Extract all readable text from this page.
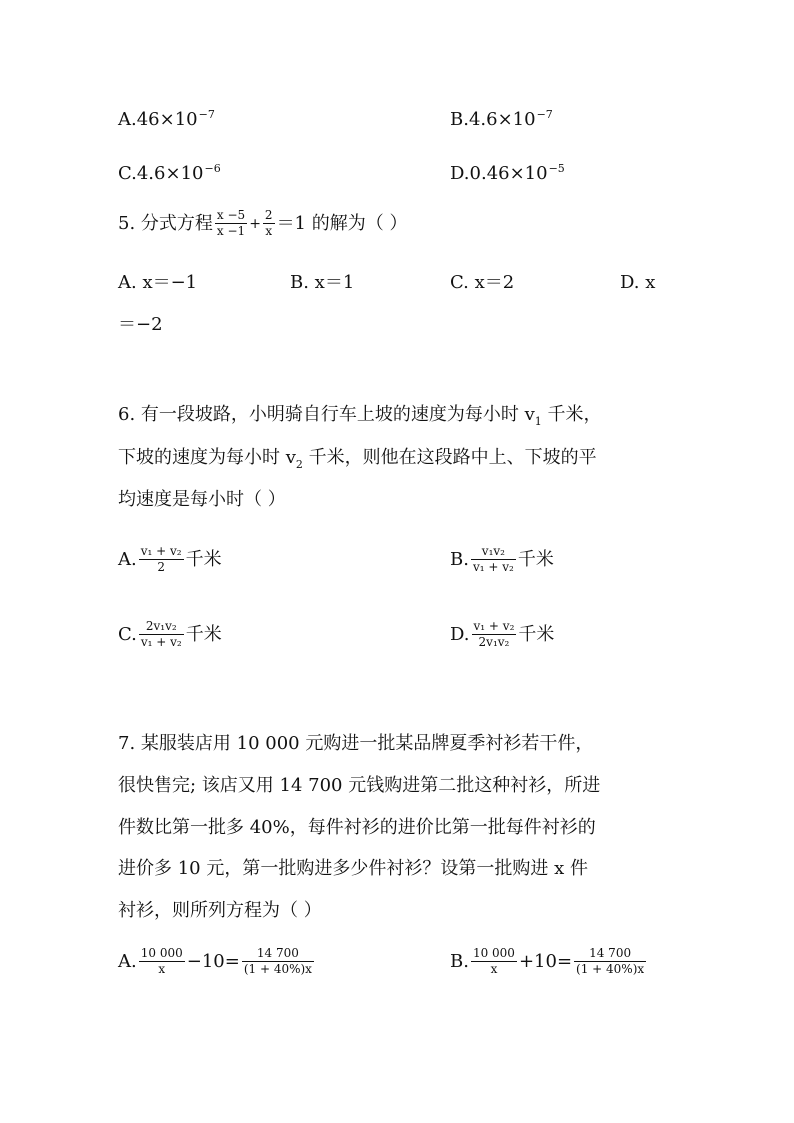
$A.46\times 10^{-7}$	$B.4.6\times 10^{-7}$
$C.4.6\times 10^{-6}$	$D.0.46\times 10^{-5}$
5. 分式方程 $\frac{x -5}{x -1} + \frac{2}{x} =1$ 的解为（ ）
A. x＝−1	B. x＝1	C. x＝2	D. x
＝−2
6. 有一段坡路，小明骑自行车上坡的速度为每小时 $v_1$ 千米，
下坡的速度为每小时 $v_2$ 千米，则他在这段路中上、下坡的平
均速度是每小时（ ）
A. $\frac{\text{v₁ + v₂}}{2}$ 千米	B. $\frac{\text{v₁v₂}}{\text{v₁ + v₂}}$ 千米
C. $\frac{\text{2v₁v₂}}{\text{v₁ + v₂}}$ 千米	D. $\frac{\text{v₁ + v₂}}{\text{2v₁v₂}}$ 千米
7. 某服装店用 10 000 元购进一批某品牌夏季衬衫若干件，
很快售完; 该店又用 14 700 元钱购进第二批这种衬衫，所进
件数比第一批多 40%，每件衬衫的进价比第一批每件衬衫的
进价多 10 元，第一批购进多少件衬衫？设第一批购进 x 件
衬衫，则所列方程为（ ）
A. $\frac{10 000}{x} -10= \frac{14 700}{(1 + 40\%)x}$	B. $\frac{10 000}{x} +10= \frac{14 700}{(1 + 40\%)x}$
